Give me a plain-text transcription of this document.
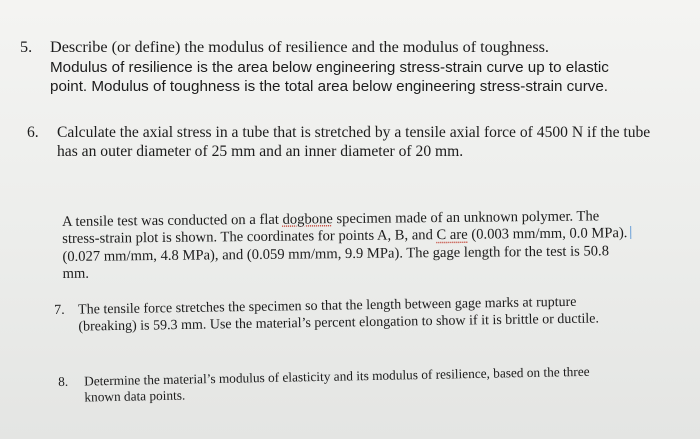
5. Describe (or define) the modulus of resilience and the modulus of toughness.
Modulus of resilience is the area below engineering stress-strain curve up to elastic
point. Modulus of toughness is the total area below engineering stress-strain curve.
6. Calculate the axial stress in a tube that is stretched by a tensile axial force of 4500 N if the tube
has an outer diameter of 25 mm and an inner diameter of 20 mm.
A tensile test was conducted on a flat dogbone specimen made of an unknown polymer. The
stress-strain plot is shown. The coordinates for points A, B, and C are (0.003 mm/mm, 0.0 MPa).
(0.027 mm/mm, 4.8 MPa), and (0.059 mm/mm, 9.9 MPa). The gage length for the test is 50.8
mm.
7. The tensile force stretches the specimen so that the length between gage marks at rupture
(breaking) is 59.3 mm. Use the material’s percent elongation to show if it is brittle or ductile.
8. Determine the material’s modulus of elasticity and its modulus of resilience, based on the three
known data points.
